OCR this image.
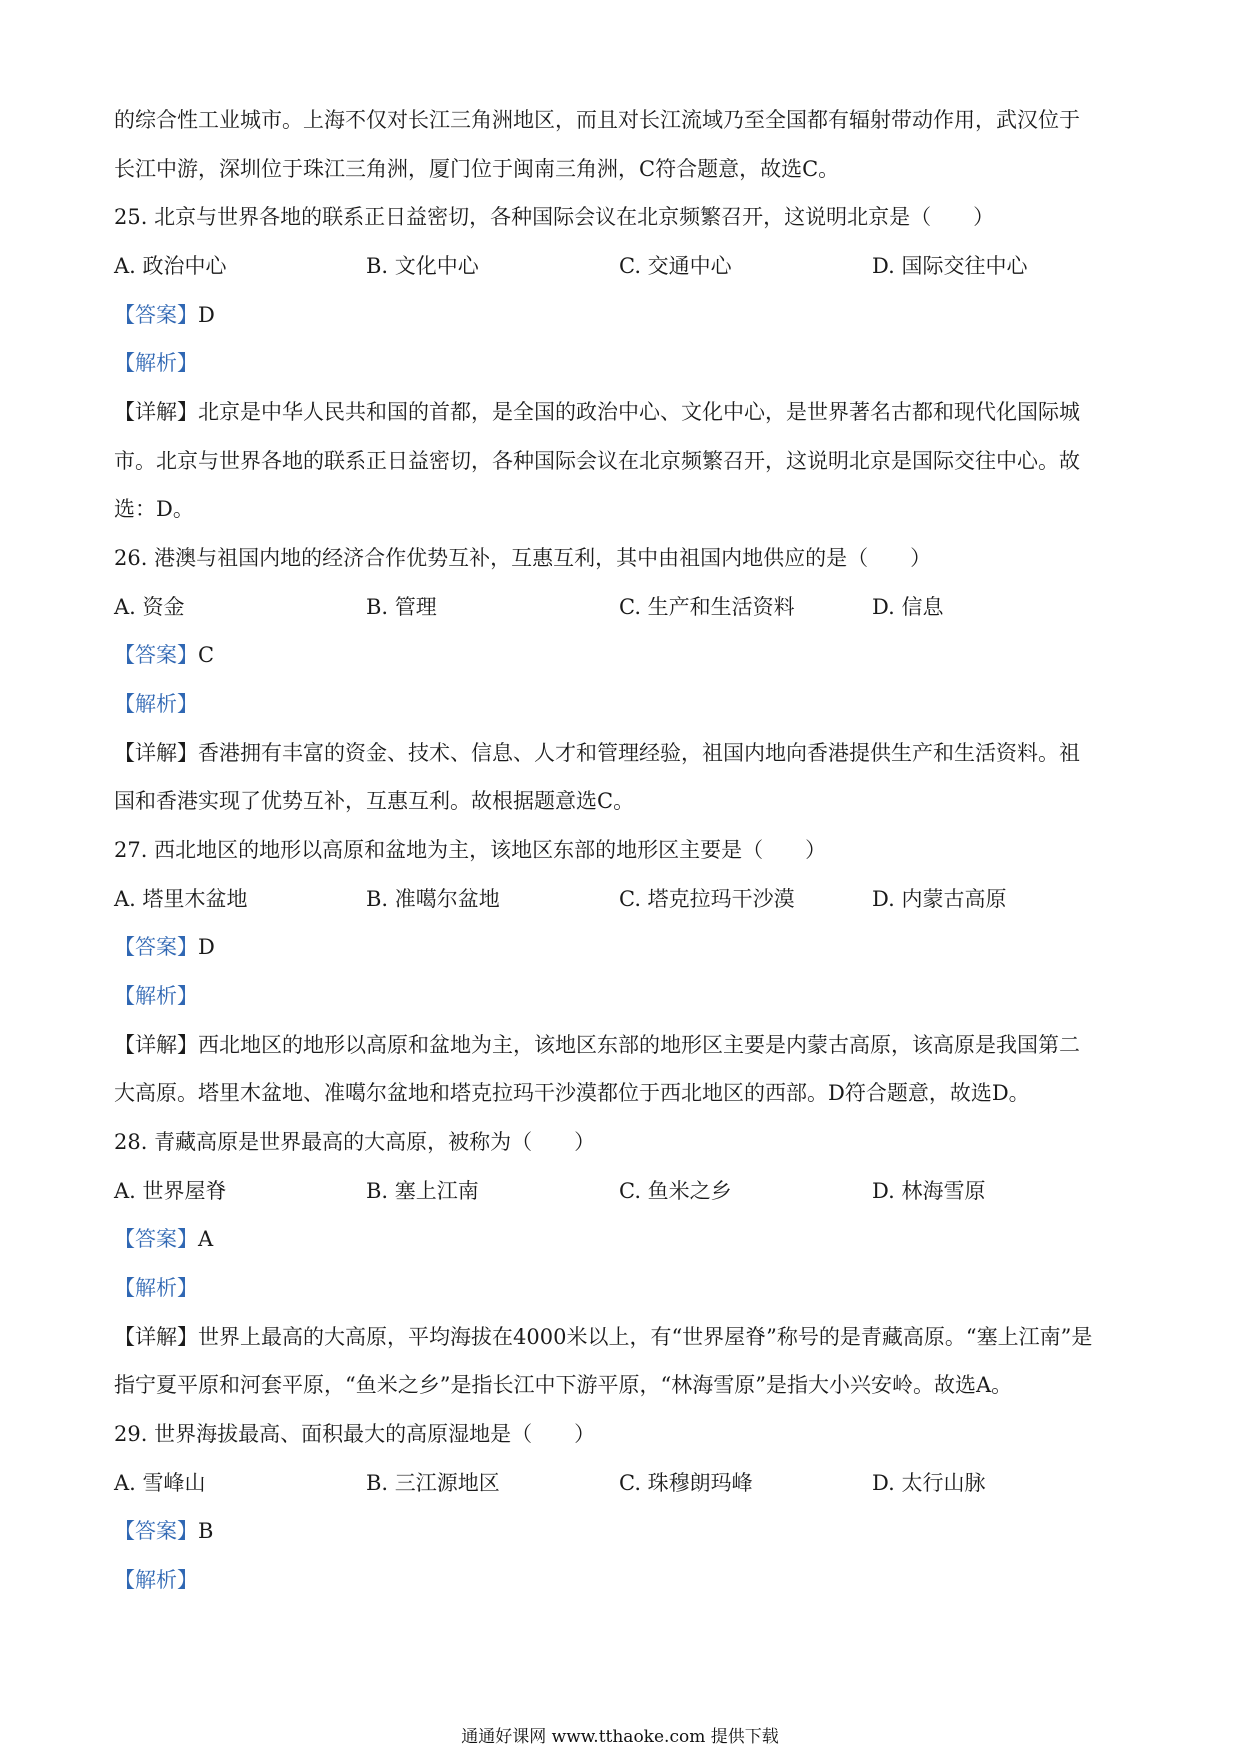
的综合性工业城市。上海不仅对长江三角洲地区，而且对长江流域乃至全国都有辐射带动作用，武汉位于
长江中游，深圳位于珠江三角洲，厦门位于闽南三角洲，C符合题意，故选C。
25. 北京与世界各地的联系正日益密切，各种国际会议在北京频繁召开，这说明北京是（　　）
A. 政治中心	B. 文化中心	C. 交通中心	D. 国际交往中心
【答案】D
【解析】
【详解】北京是中华人民共和国的首都，是全国的政治中心、文化中心，是世界著名古都和现代化国际城
市。北京与世界各地的联系正日益密切，各种国际会议在北京频繁召开，这说明北京是国际交往中心。故
选：D。
26. 港澳与祖国内地的经济合作优势互补，互惠互利，其中由祖国内地供应的是（　　）
A. 资金	B. 管理	C. 生产和生活资料	D. 信息
【答案】C
【解析】
【详解】香港拥有丰富的资金、技术、信息、人才和管理经验，祖国内地向香港提供生产和生活资料。祖
国和香港实现了优势互补，互惠互利。故根据题意选C。
27. 西北地区的地形以高原和盆地为主，该地区东部的地形区主要是（　　）
A. 塔里木盆地	B. 准噶尔盆地	C. 塔克拉玛干沙漠	D. 内蒙古高原
【答案】D
【解析】
【详解】西北地区的地形以高原和盆地为主，该地区东部的地形区主要是内蒙古高原，该高原是我国第二
大高原。塔里木盆地、准噶尔盆地和塔克拉玛干沙漠都位于西北地区的西部。D符合题意，故选D。
28. 青藏高原是世界最高的大高原，被称为（　　）
A. 世界屋脊	B. 塞上江南	C. 鱼米之乡	D. 林海雪原
【答案】A
【解析】
【详解】世界上最高的大高原，平均海拔在4000米以上，有“世界屋脊”称号的是青藏高原。“塞上江南”是
指宁夏平原和河套平原，“鱼米之乡”是指长江中下游平原，“林海雪原”是指大小兴安岭。故选A。
29. 世界海拔最高、面积最大的高原湿地是（　　）
A. 雪峰山	B. 三江源地区	C. 珠穆朗玛峰	D. 太行山脉
【答案】B
【解析】
通通好课网 www.tthaoke.com 提供下载
